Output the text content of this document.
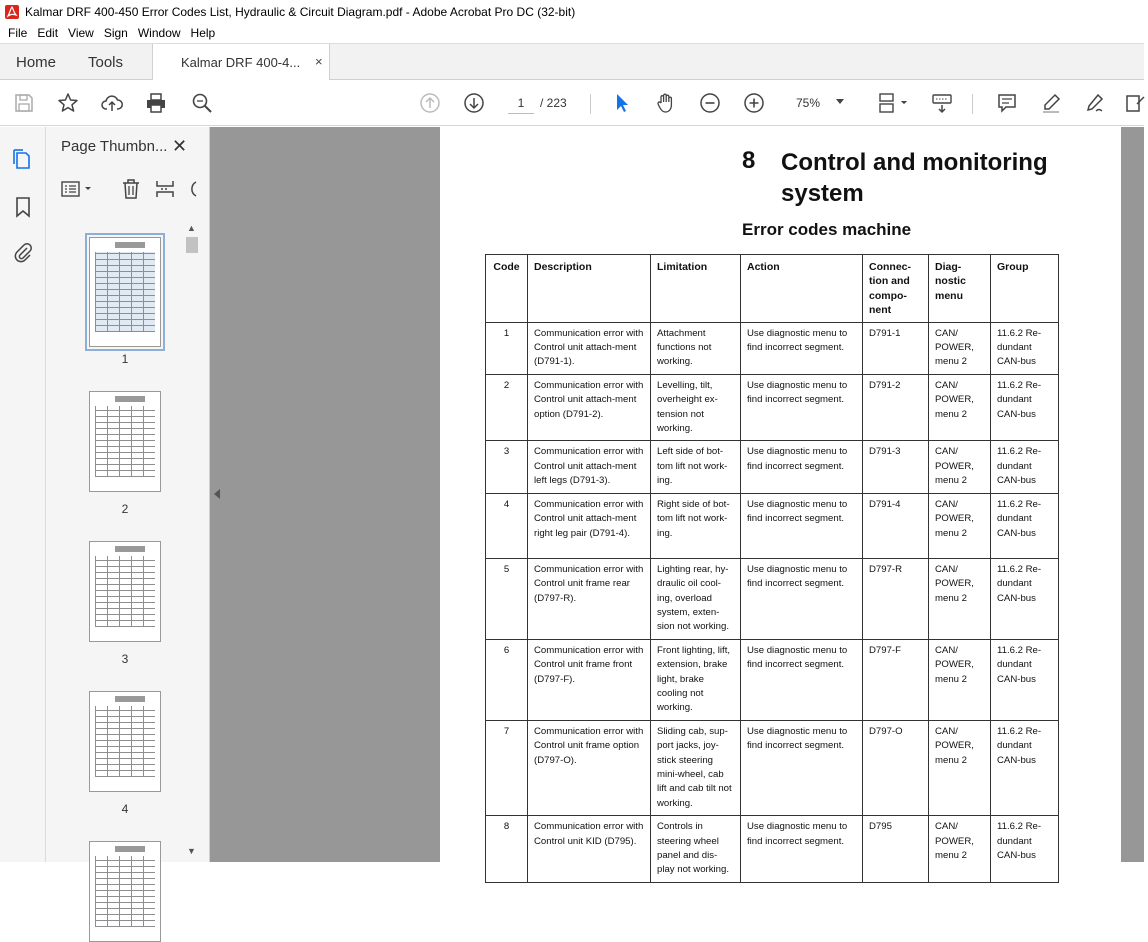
Kalmar DRF 400-450 Error Codes List, Hydraulic & Circuit Diagram.pdf - Adobe Acrobat Pro DC (32-bit)
File Edit View Sign Window Help
Home Tools	Kalmar DRF 400-4... ×
1
/ 223
75%
Page Thumbn... ✕
1
2
3
4
▲
▼
8 Control and monitoring system
Error codes machine
Code	Description	Limitation	Action	Connec-tion and compo-nent	Diag-nostic menu	Group
1	Communication error with Control unit attach-ment (D791-1).	Attachment functions not working.	Use diagnostic menu to find incorrect segment.	D791-1	CAN/ POWER, menu 2	11.6.2 Re-dundant CAN-bus
2	Communication error with Control unit attach-ment option (D791-2).	Levelling, tilt, overheight ex-tension not working.	Use diagnostic menu to find incorrect segment.	D791-2	CAN/ POWER, menu 2	11.6.2 Re-dundant CAN-bus
3	Communication error with Control unit attach-ment left legs (D791-3).	Left side of bot-tom lift not work-ing.	Use diagnostic menu to find incorrect segment.	D791-3	CAN/ POWER, menu 2	11.6.2 Re-dundant CAN-bus
4	Communication error with Control unit attach-ment right leg pair (D791-4).	Right side of bot-tom lift not work-ing.	Use diagnostic menu to find incorrect segment.	D791-4	CAN/ POWER, menu 2	11.6.2 Re-dundant CAN-bus
5	Communication error with Control unit frame rear (D797-R).	Lighting rear, hy-draulic oil cool-ing, overload system, exten-sion not working.	Use diagnostic menu to find incorrect segment.	D797-R	CAN/ POWER, menu 2	11.6.2 Re-dundant CAN-bus
6	Communication error with Control unit frame front (D797-F).	Front lighting, lift, extension, brake light, brake cooling not working.	Use diagnostic menu to find incorrect segment.	D797-F	CAN/ POWER, menu 2	11.6.2 Re-dundant CAN-bus
7	Communication error with Control unit frame option (D797-O).	Sliding cab, sup-port jacks, joy-stick steering mini-wheel, cab lift and cab tilt not working.	Use diagnostic menu to find incorrect segment.	D797-O	CAN/ POWER, menu 2	11.6.2 Re-dundant CAN-bus
8	Communication error with Control unit KID (D795).	Controls in steering wheel panel and dis-play not working.	Use diagnostic menu to find incorrect segment.	D795	CAN/ POWER, menu 2	11.6.2 Re-dundant CAN-bus
